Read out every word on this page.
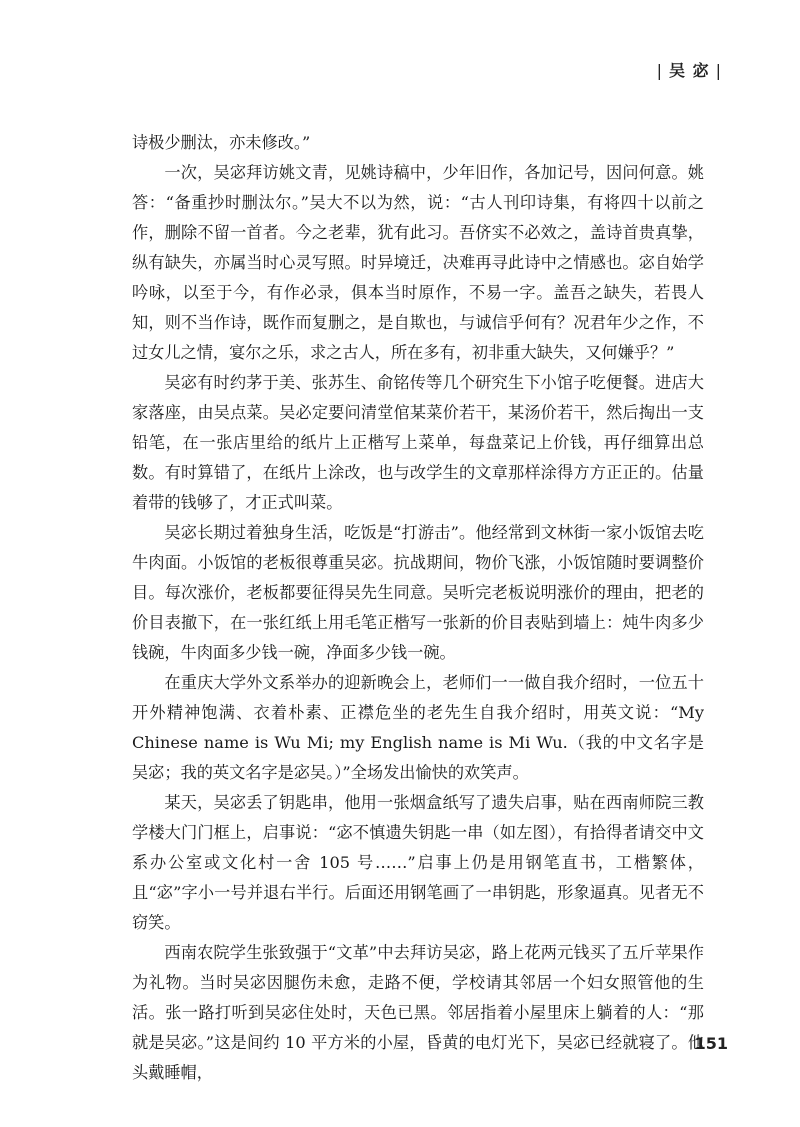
| 吴 宓 |

诗极少删汰，亦未修改。”

一次，吴宓拜访姚文青，见姚诗稿中，少年旧作，各加记号，因问何意。姚答：“备重抄时删汰尔。”吴大不以为然，说：“古人刊印诗集，有将四十以前之作，删除不留一首者。今之老辈，犹有此习。吾侪实不必效之，盖诗首贵真挚，纵有缺失，亦属当时心灵写照。时异境迁，决难再寻此诗中之情感也。宓自始学吟咏，以至于今，有作必录，俱本当时原作，不易一字。盖吾之缺失，若畏人知，则不当作诗，既作而复删之，是自欺也，与诚信乎何有？况君年少之作，不过女儿之情，宴尔之乐，求之古人，所在多有，初非重大缺失，又何嫌乎？”

吴宓有时约茅于美、张苏生、俞铭传等几个研究生下小馆子吃便餐。进店大家落座，由吴点菜。吴必定要问清堂倌某菜价若干，某汤价若干，然后掏出一支铅笔，在一张店里给的纸片上正楷写上菜单，每盘菜记上价钱，再仔细算出总数。有时算错了，在纸片上涂改，也与改学生的文章那样涂得方方正正的。估量着带的钱够了，才正式叫菜。

吴宓长期过着独身生活，吃饭是“打游击”。他经常到文林街一家小饭馆去吃牛肉面。小饭馆的老板很尊重吴宓。抗战期间，物价飞涨，小饭馆随时要调整价目。每次涨价，老板都要征得吴先生同意。吴听完老板说明涨价的理由，把老的价目表撤下，在一张红纸上用毛笔正楷写一张新的价目表贴到墙上：炖牛肉多少钱碗，牛肉面多少钱一碗，净面多少钱一碗。

在重庆大学外文系举办的迎新晚会上，老师们一一做自我介绍时，一位五十开外精神饱满、衣着朴素、正襟危坐的老先生自我介绍时，用英文说：“My Chinese name is Wu Mi; my English name is Mi Wu.（我的中文名字是吴宓；我的英文名字是宓吴。）”全场发出愉快的欢笑声。

某天，吴宓丢了钥匙串，他用一张烟盒纸写了遗失启事，贴在西南师院三教学楼大门门框上，启事说：“宓不慎遗失钥匙一串（如左图），有拾得者请交中文系办公室或文化村一舍 105 号……”启事上仍是用钢笔直书，工楷繁体，且“宓”字小一号并退右半行。后面还用钢笔画了一串钥匙，形象逼真。见者无不窃笑。

西南农院学生张致强于“文革”中去拜访吴宓，路上花两元钱买了五斤苹果作为礼物。当时吴宓因腿伤未愈，走路不便，学校请其邻居一个妇女照管他的生活。张一路打听到吴宓住处时，天色已黑。邻居指着小屋里床上躺着的人：“那就是吴宓。”这是间约 10 平方米的小屋，昏黄的电灯光下，吴宓已经就寝了。他头戴睡帽，

151
